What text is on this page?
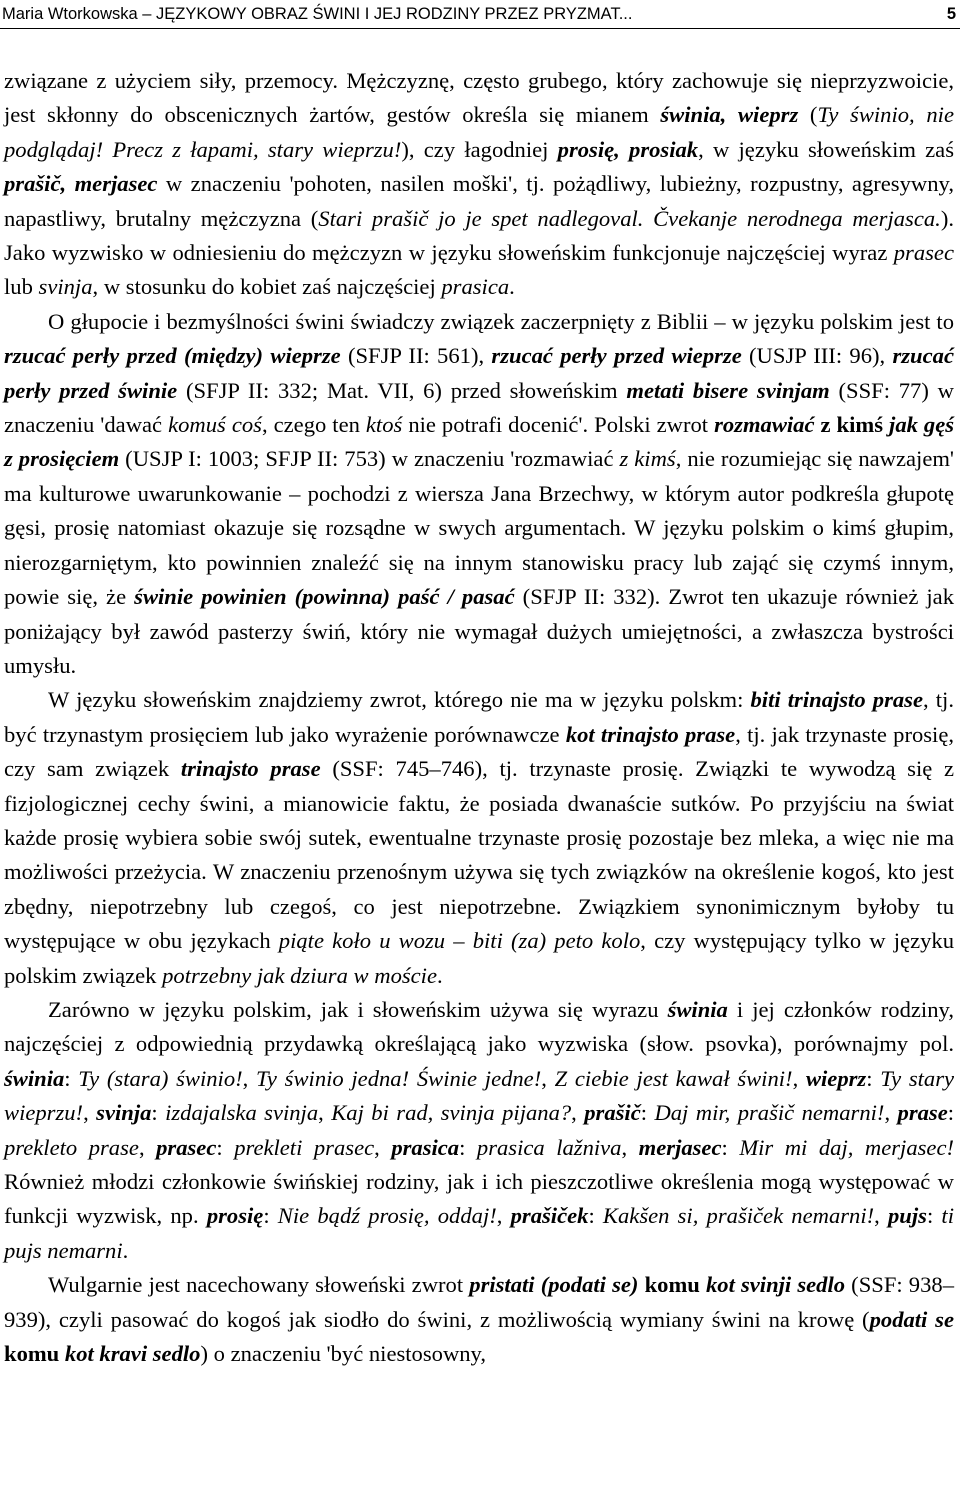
Maria Wtorkowska – JĘZYKOWY OBRAZ ŚWINI I JEJ RODZINY PRZEZ PRYZMAT...	5

związane z użyciem siły, przemocy. Mężczyznę, często grubego, który zachowuje się nieprzyzwoicie, jest skłonny do obscenicznych żartów, gestów określa się mianem świnia, wieprz (Ty świnio, nie podglądaj! Precz z łapami, stary wieprzu!), czy łagodniej prosię, prosiak, w języku słoweńskim zaś prašič, merjasec w znaczeniu 'pohoten, nasilen moški', tj. pożądliwy, lubieżny, rozpustny, agresywny, napastliwy, brutalny mężczyzna (Stari prašič jo je spet nadlegoval. Čvekanje nerodnega merjasca.). Jako wyzwisko w odniesieniu do mężczyzn w języku słoweńskim funkcjonuje najczęściej wyraz prasec lub svinja, w stosunku do kobiet zaś najczęściej prasica.

O głupocie i bezmyślności świni świadczy związek zaczerpnięty z Biblii – w języku polskim jest to rzucać perły przed (między) wieprze (SFJP II: 561), rzucać perły przed wieprze (USJP III: 96), rzucać perły przed świnie (SFJP II: 332; Mat. VII, 6) przed słoweńskim metati bisere svinjam (SSF: 77) w znaczeniu 'dawać komuś coś, czego ten ktoś nie potrafi docenić'. Polski zwrot rozmawiać z kimś jak gęś z prosięciem (USJP I: 1003; SFJP II: 753) w znaczeniu 'rozmawiać z kimś, nie rozumiejąc się nawzajem' ma kulturowe uwarunkowanie – pochodzi z wiersza Jana Brzechwy, w którym autor podkreśla głupotę gęsi, prosię natomiast okazuje się rozsądne w swych argumentach. W języku polskim o kimś głupim, nierozgarniętym, kto powinnien znaleźć się na innym stanowisku pracy lub zająć się czymś innym, powie się, że świnie powinien (powinna) paść / pasać (SFJP II: 332). Zwrot ten ukazuje również jak poniżający był zawód pasterzy świń, który nie wymagał dużych umiejętności, a zwłaszcza bystrości umysłu.

W języku słoweńskim znajdziemy zwrot, którego nie ma w języku polskm: biti trinajsto prase, tj. być trzynastym prosięciem lub jako wyrażenie porównawcze kot trinajsto prase, tj. jak trzynaste prosię, czy sam związek trinajsto prase (SSF: 745–746), tj. trzynaste prosię. Związki te wywodzą się z fizjologicznej cechy świni, a mianowicie faktu, że posiada dwanaście sutków. Po przyjściu na świat każde prosię wybiera sobie swój sutek, ewentualne trzynaste prosię pozostaje bez mleka, a więc nie ma możliwości przeżycia. W znaczeniu przenośnym używa się tych związków na określenie kogoś, kto jest zbędny, niepotrzebny lub czegoś, co jest niepotrzebne. Związkiem synonimicznym byłoby tu występujące w obu językach piąte koło u wozu – biti (za) peto kolo, czy występujący tylko w języku polskim związek potrzebny jak dziura w moście.

Zarówno w języku polskim, jak i słoweńskim używa się wyrazu świnia i jej członków rodziny, najczęściej z odpowiednią przydawką określającą jako wyzwiska (słow. psovka), porównajmy pol. świnia: Ty (stara) świnio!, Ty świnio jedna! Świnie jedne!, Z ciebie jest kawał świni!, wieprz: Ty stary wieprzu!, svinja: izdajalska svinja, Kaj bi rad, svinja pijana?, prašič: Daj mir, prašič nemarni!, prase: prekleto prase, prasec: prekleti prasec, prasica: prasica lažniva, merjasec: Mir mi daj, merjasec! Również młodzi członkowie świńskiej rodziny, jak i ich pieszczotliwe określenia mogą występować w funkcji wyzwisk, np. prosię: Nie bądź prosię, oddaj!, prašiček: Kakšen si, prašiček nemarni!, pujs: ti pujs nemarni.

Wulgarnie jest nacechowany słoweński zwrot pristati (podati se) komu kot svinji sedlo (SSF: 938–939), czyli pasować do kogoś jak siodło do świni, z możliwością wymiany świni na krowę (podati se komu kot kravi sedlo) o znaczeniu 'być niestosowny,
